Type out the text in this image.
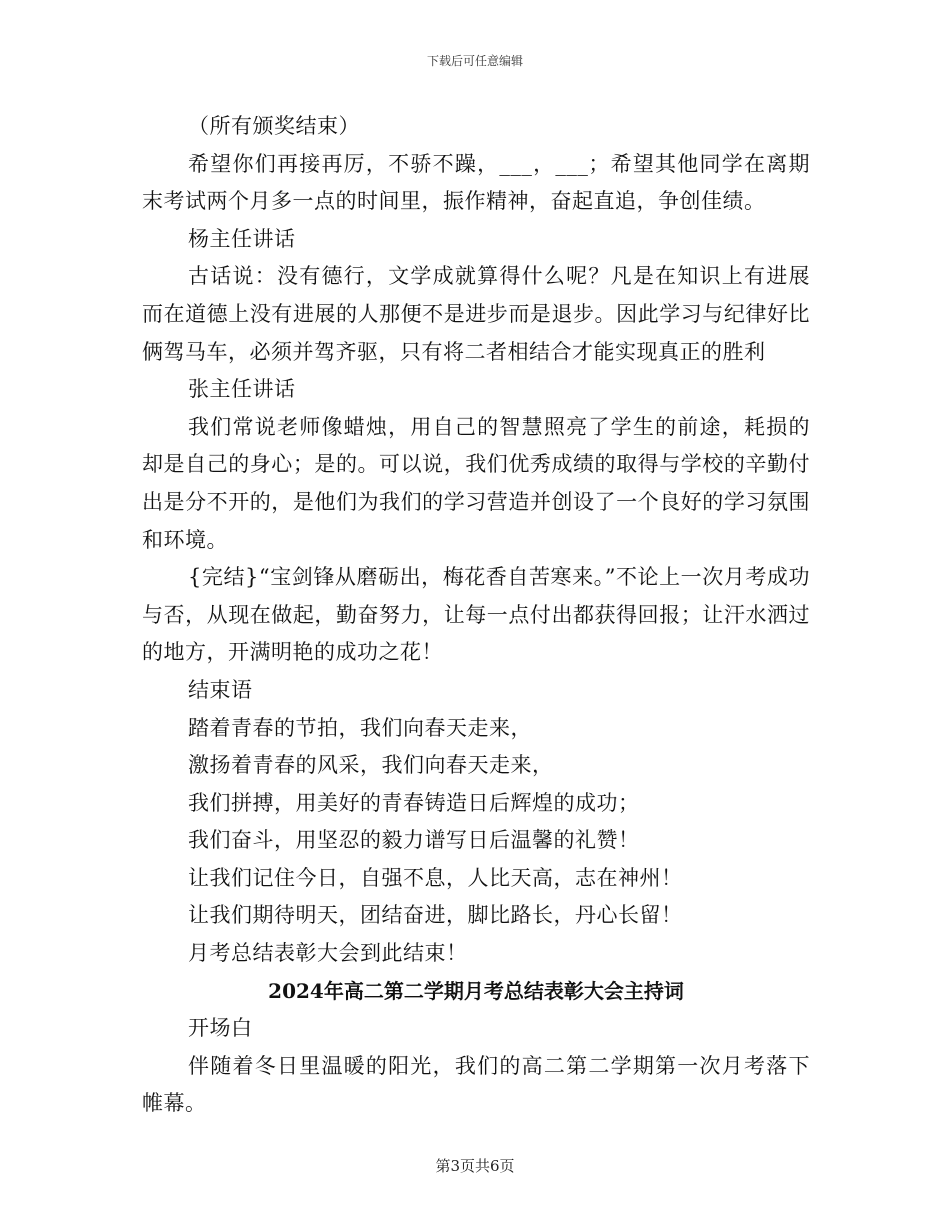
下载后可任意编辑

（所有颁奖结束）

希望你们再接再厉，不骄不躁，___，___；希望其他同学在离期末考试两个月多一点的时间里，振作精神，奋起直追，争创佳绩。

杨主任讲话

古话说：没有德行，文学成就算得什么呢？凡是在知识上有进展而在道德上没有进展的人那便不是进步而是退步。因此学习与纪律好比俩驾马车，必须并驾齐驱，只有将二者相结合才能实现真正的胜利

张主任讲话

我们常说老师像蜡烛，用自己的智慧照亮了学生的前途，耗损的却是自己的身心；是的。可以说，我们优秀成绩的取得与学校的辛勤付出是分不开的，是他们为我们的学习营造并创设了一个良好的学习氛围和环境。

{完结}“宝剑锋从磨砺出，梅花香自苦寒来。”不论上一次月考成功与否，从现在做起，勤奋努力，让每一点付出都获得回报；让汗水洒过的地方，开满明艳的成功之花！

结束语

踏着青春的节拍，我们向春天走来，

激扬着青春的风采，我们向春天走来，

我们拼搏，用美好的青春铸造日后辉煌的成功；

我们奋斗，用坚忍的毅力谱写日后温馨的礼赞！

让我们记住今日，自强不息，人比天高，志在神州！

让我们期待明天，团结奋进，脚比路长，丹心长留！

月考总结表彰大会到此结束！

2024年高二第二学期月考总结表彰大会主持词

开场白

伴随着冬日里温暖的阳光，我们的高二第二学期第一次月考落下帷幕。

第3页共6页
